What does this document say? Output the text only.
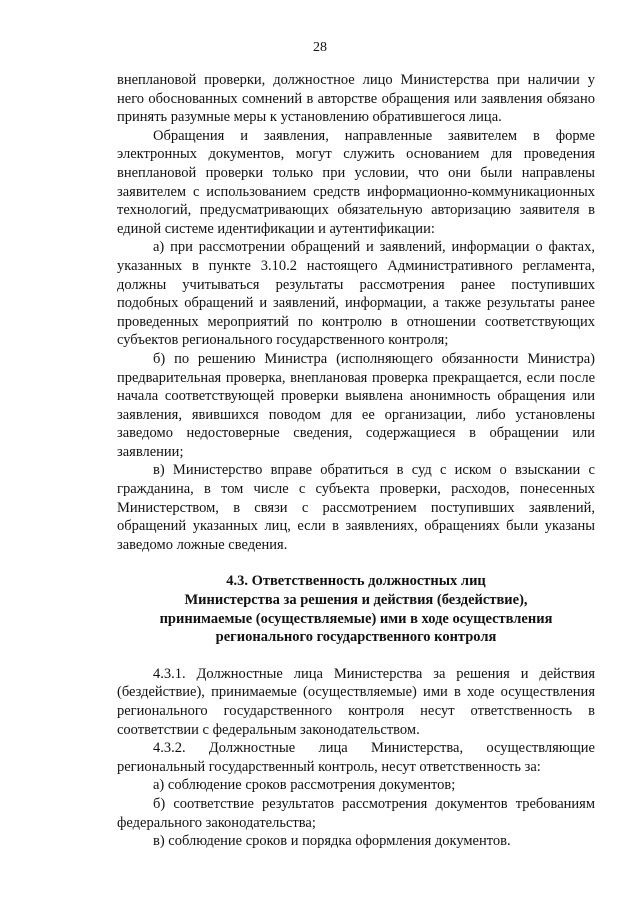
28

внеплановой проверки, должностное лицо Министерства при наличии у него обоснованных сомнений в авторстве обращения или заявления обязано принять разумные меры к установлению обратившегося лица.

Обращения и заявления, направленные заявителем в форме электронных документов, могут служить основанием для проведения внеплановой проверки только при условии, что они были направлены заявителем с использованием средств информационно-коммуникационных технологий, предусматривающих обязательную авторизацию заявителя в единой системе идентификации и аутентификации:

а) при рассмотрении обращений и заявлений, информации о фактах, указанных в пункте 3.10.2 настоящего Административного регламента, должны учитываться результаты рассмотрения ранее поступивших подобных обращений и заявлений, информации, а также результаты ранее проведенных мероприятий по контролю в отношении соответствующих субъектов регионального государственного контроля;

б) по решению Министра (исполняющего обязанности Министра) предварительная проверка, внеплановая проверка прекращается, если после начала соответствующей проверки выявлена анонимность обращения или заявления, явившихся поводом для ее организации, либо установлены заведомо недостоверные сведения, содержащиеся в обращении или заявлении;

в) Министерство вправе обратиться в суд с иском о взыскании с гражданина, в том числе с субъекта проверки, расходов, понесенных Министерством, в связи с рассмотрением поступивших заявлений, обращений указанных лиц, если в заявлениях, обращениях были указаны заведомо ложные сведения.

4.3. Ответственность должностных лиц
Министерства за решения и действия (бездействие),
принимаемые (осуществляемые) ими в ходе осуществления
регионального государственного контроля

4.3.1. Должностные лица Министерства за решения и действия (бездействие), принимаемые (осуществляемые) ими в ходе осуществления регионального государственного контроля несут ответственность в соответствии с федеральным законодательством.

4.3.2. Должностные лица Министерства, осуществляющие региональный государственный контроль, несут ответственность за:

а) соблюдение сроков рассмотрения документов;

б) соответствие результатов рассмотрения документов требованиям федерального законодательства;

в) соблюдение сроков и порядка оформления документов.
